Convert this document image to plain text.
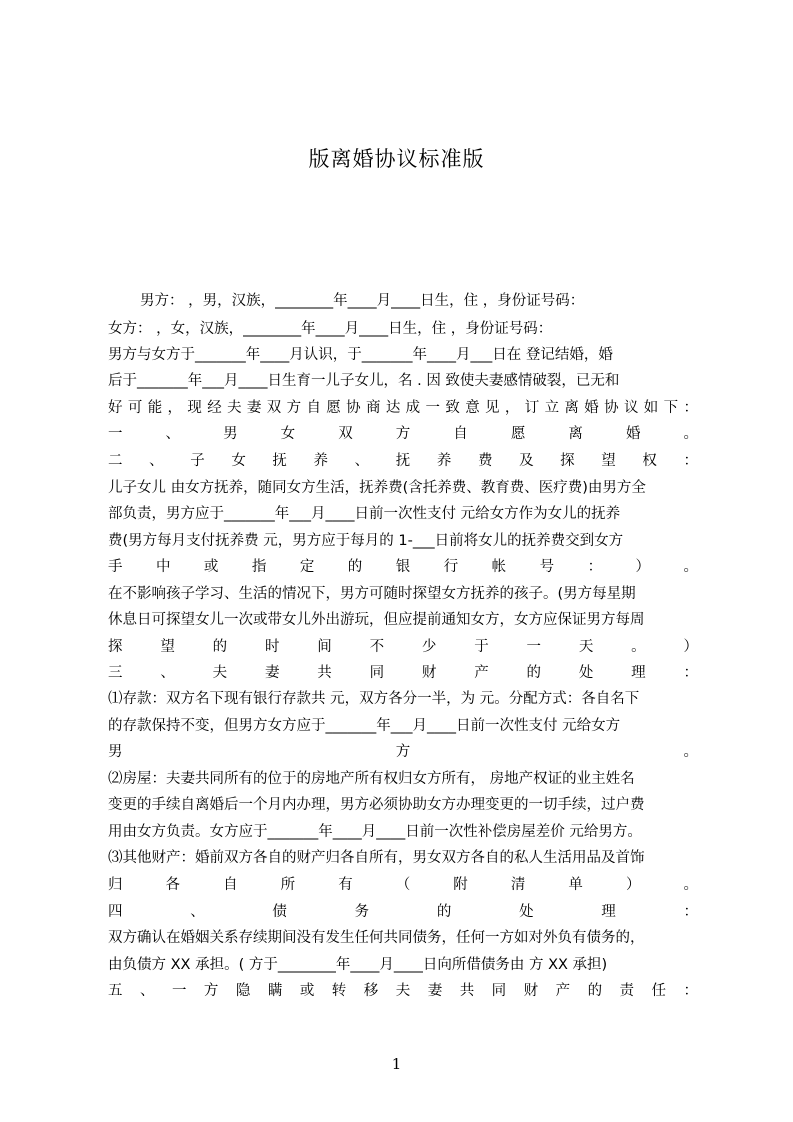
版离婚协议标准版
男方： ，男，汉族，________年____月____日生，住 ，身份证号码：
女方： ，女，汉族，________年____月____日生，住 ，身份证号码：
男方与女方于_______年____月认识，于_______年____月___日在 登记结婚，婚
后于_______年___月____日生育一儿子女儿，名 . 因 致使夫妻感情破裂，已无和
好 可 能 ， 现 经 夫 妻 双 方 自 愿 协 商 达 成 一 致 意 见 ， 订 立 离 婚 协 议 如 下 ：
一 、 男 女 双 方 自 愿 离 婚 。
二 、 子 女 抚 养 、 抚 养 费 及 探 望 权 ：
儿子女儿 由女方抚养，随同女方生活，抚养费(含托养费、教育费、医疗费)由男方全
部负责，男方应于_______年___月____日前一次性支付 元给女方作为女儿的抚养
费(男方每月支付抚养费 元，男方应于每月的 1-___日前将女儿的抚养费交到女方
手 中 或 指 定 的 银 行 帐 号 ： ） 。
在不影响孩子学习、生活的情况下，男方可随时探望女方抚养的孩子。(男方每星期
休息日可探望女儿一次或带女儿外出游玩，但应提前通知女方，女方应保证男方每周
探 望 的 时 间 不 少 于 一 天 。 ）
三 、 夫 妻 共 同 财 产 的 处 理 ：
⑴存款：双方名下现有银行存款共 元，双方各分一半，为 元。分配方式：各自名下
的存款保持不变，但男方女方应于_______年___月____日前一次性支付 元给女方
男 方 。
⑵房屋：夫妻共同所有的位于的房地产所有权归女方所有， 房地产权证的业主姓名
变更的手续自离婚后一个月内办理，男方必须协助女方办理变更的一切手续，过户费
用由女方负责。女方应于_______年____月____日前一次性补偿房屋差价 元给男方。
⑶其他财产：婚前双方各自的财产归各自所有，男女双方各自的私人生活用品及首饰
归 各 自 所 有 （ 附 清 单 ） 。
四 、 债 务 的 处 理 ：
双方确认在婚姻关系存续期间没有发生任何共同债务，任何一方如对外负有债务的，
由负债方 XX 承担。( 方于________年____月____日向所借债务由 方 XX 承担)
五 、 一 方 隐 瞒 或 转 移 夫 妻 共 同 财 产 的 责 任 ：
1
